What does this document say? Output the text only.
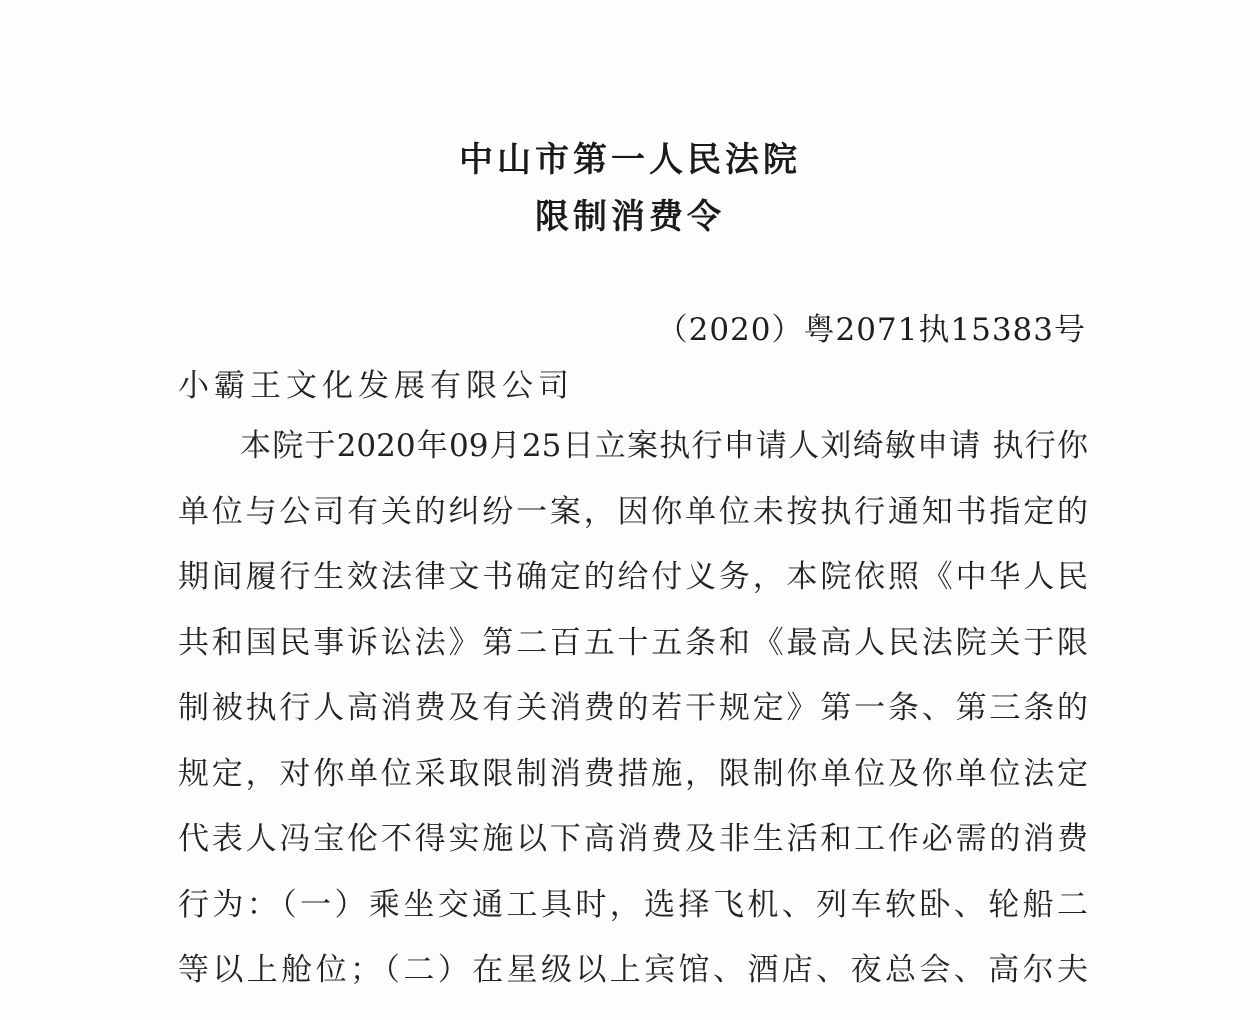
中山市第一人民法院
限制消费令
（2020）粤2071执15383号
小霸王文化发展有限公司
本院于2020年09月25日立案执行申请人刘绮敏申请 执行你
单位与公司有关的纠纷一案，因你单位未按执行通知书指定的
期间履行生效法律文书确定的给付义务，本院依照《中华人民
共和国民事诉讼法》第二百五十五条和《最高人民法院关于限
制被执行人高消费及有关消费的若干规定》第一条、第三条的
规定，对你单位采取限制消费措施，限制你单位及你单位法定
代表人冯宝伦不得实施以下高消费及非生活和工作必需的消费
行为：（一）乘坐交通工具时，选择飞机、列车软卧、轮船二
等以上舱位；（二）在星级以上宾馆、酒店、夜总会、高尔夫
